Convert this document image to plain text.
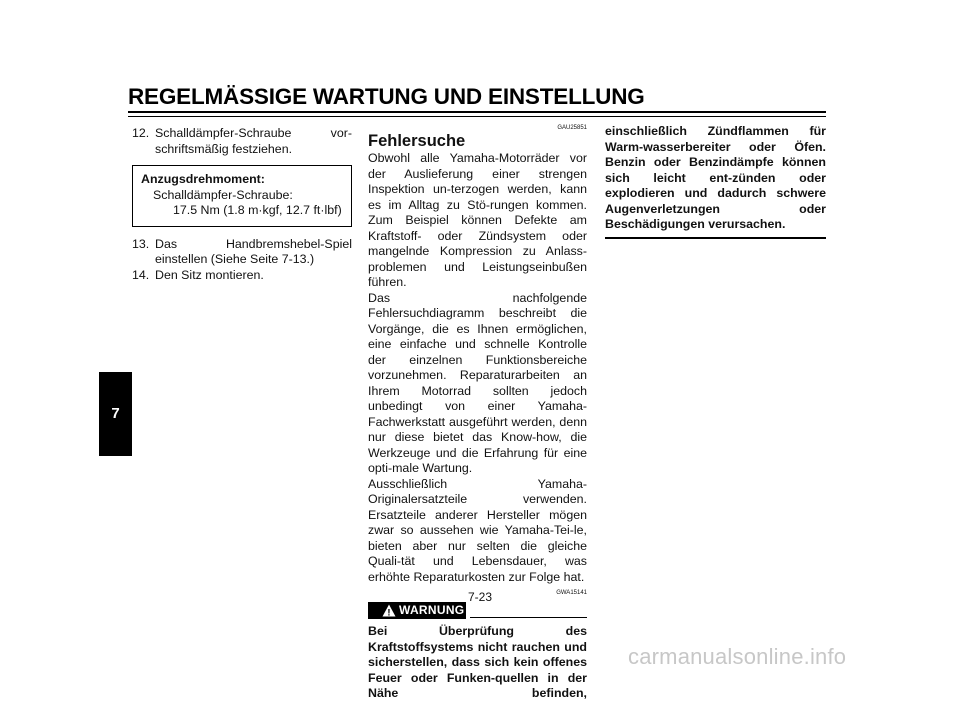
REGELMÄSSIGE WARTUNG UND EINSTELLUNG
7
12. Schalldämpfer-Schraube vor-schriftsmäßig festziehen.
Anzugsdrehmoment:
Schalldämpfer-Schraube:
17.5 Nm (1.8 m·kgf, 12.7 ft·lbf)
13. Das Handbremshebel-Spiel einstellen (Siehe Seite 7-13.)
14. Den Sitz montieren.
GAU25851
Fehlersuche
Obwohl alle Yamaha-Motorräder vor der Auslieferung einer strengen Inspektion un-terzogen werden, kann es im Alltag zu Stö-rungen kommen. Zum Beispiel können Defekte am Kraftstoff- oder Zündsystem oder mangelnde Kompression zu Anlass-problemen und Leistungseinbußen führen.
Das nachfolgende Fehlersuchdiagramm beschreibt die Vorgänge, die es Ihnen ermöglichen, eine einfache und schnelle Kontrolle der einzelnen Funktionsbereiche vorzunehmen. Reparaturarbeiten an Ihrem Motorrad sollten jedoch unbedingt von einer Yamaha-Fachwerkstatt ausgeführt werden, denn nur diese bietet das Know-how, die Werkzeuge und die Erfahrung für eine opti-male Wartung.
Ausschließlich Yamaha-Originalersatzteile verwenden. Ersatzteile anderer Hersteller mögen zwar so aussehen wie Yamaha-Tei-le, bieten aber nur selten die gleiche Quali-tät und Lebensdauer, was erhöhte Reparaturkosten zur Folge hat.
GWA15141
! WARNUNG
Bei Überprüfung des Kraftstoffsystems nicht rauchen und sicherstellen, dass sich kein offenes Feuer oder Funken-quellen in der Nähe befinden,
einschließlich Zündflammen für Warm-wasserbereiter oder Öfen. Benzin oder Benzindämpfe können sich leicht ent-zünden oder explodieren und dadurch schwere Augenverletzungen oder Beschädigungen verursachen.
7-23
carmanualsonline.info
